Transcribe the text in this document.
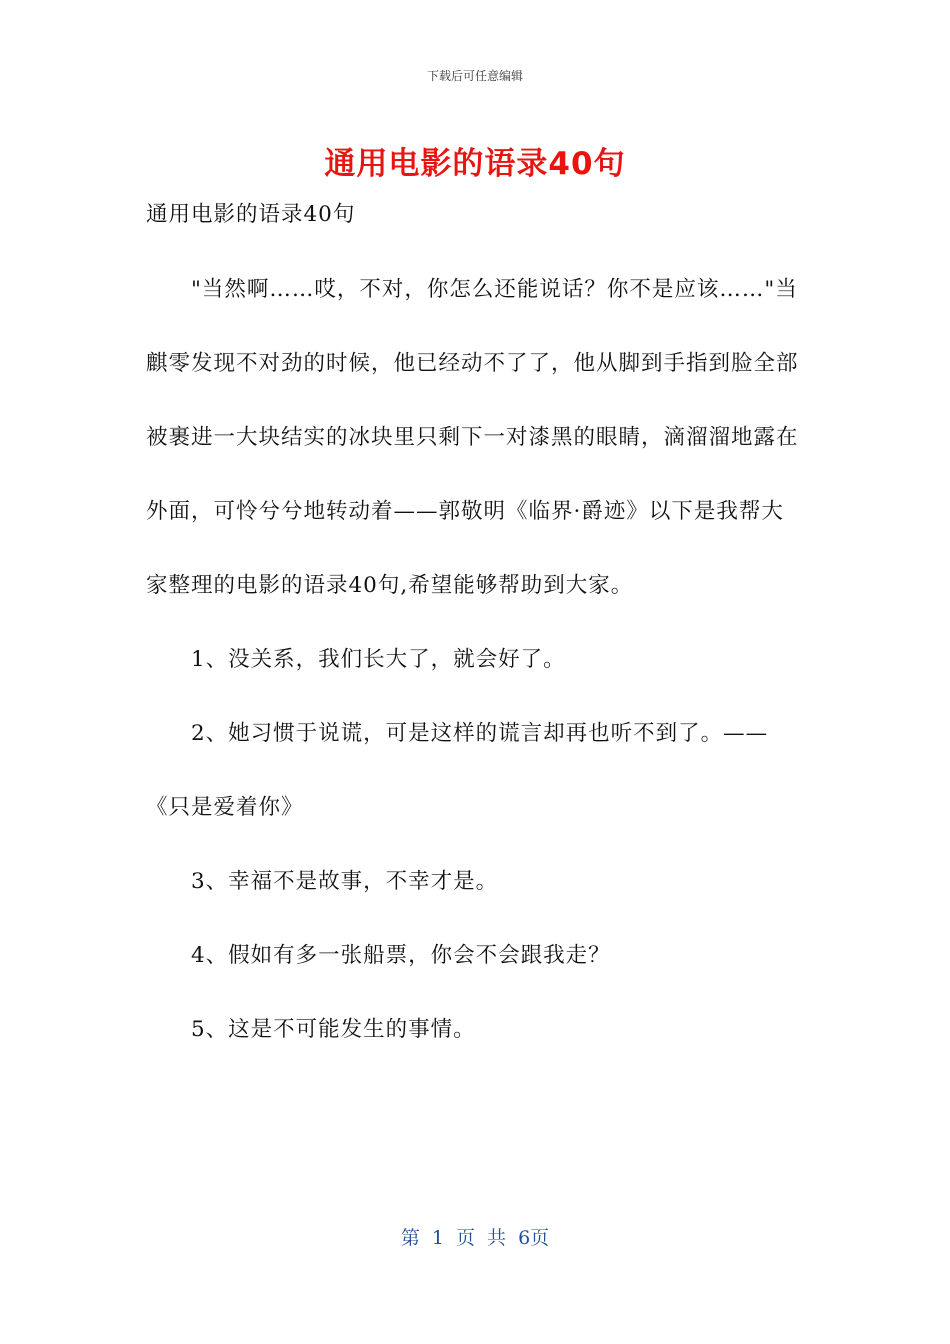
下载后可任意编辑
通用电影的语录40句

通用电影的语录40句

"当然啊……哎，不对，你怎么还能说话？你不是应该……"当麒零发现不对劲的时候，他已经动不了了，他从脚到手指到脸全部被裹进一大块结实的冰块里只剩下一对漆黑的眼睛，滴溜溜地露在外面，可怜兮兮地转动着——郭敬明《临界·爵迹》以下是我帮大家整理的电影的语录40句,希望能够帮助到大家。

1、没关系，我们长大了，就会好了。

2、她习惯于说谎，可是这样的谎言却再也听不到了。——《只是爱着你》

3、幸福不是故事，不幸才是。

4、假如有多一张船票，你会不会跟我走？

5、这是不可能发生的事情。

第 1 页 共 6页
